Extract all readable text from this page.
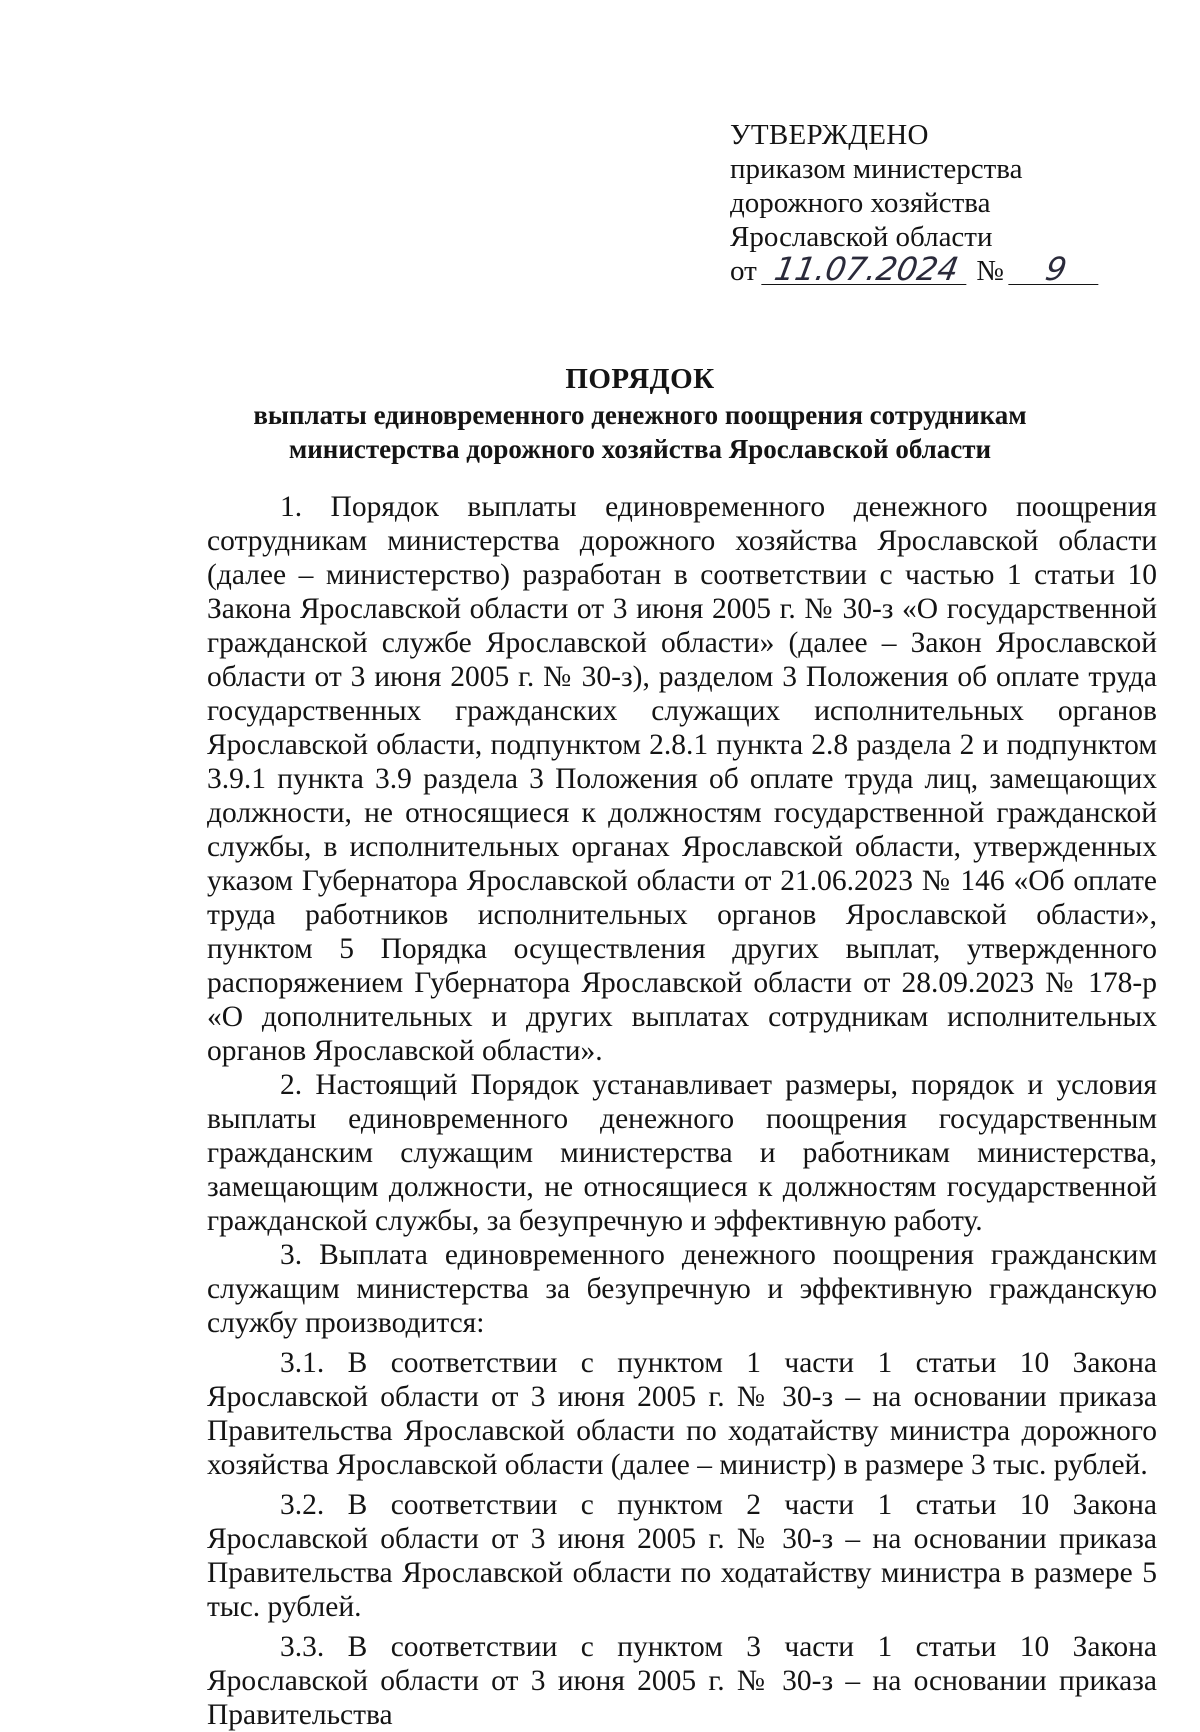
УТВЕРЖДЕНО
приказом министерства
дорожного хозяйства
Ярославской области
от 11.07.2024 № 9
ПОРЯДОК
выплаты единовременного денежного поощрения сотрудникам
министерства дорожного хозяйства Ярославской области

1. Порядок выплаты единовременного денежного поощрения сотрудникам министерства дорожного хозяйства Ярославской области (далее – министерство) разработан в соответствии с частью 1 статьи 10 Закона Ярославской области от 3 июня 2005 г. № 30-з «О государственной гражданской службе Ярославской области» (далее – Закон Ярославской области от 3 июня 2005 г. № 30-з), разделом 3 Положения об оплате труда государственных гражданских служащих исполнительных органов Ярославской области, подпунктом 2.8.1 пункта 2.8 раздела 2 и подпунктом 3.9.1 пункта 3.9 раздела 3 Положения об оплате труда лиц, замещающих должности, не относящиеся к должностям государственной гражданской службы, в исполнительных органах Ярославской области, утвержденных указом Губернатора Ярославской области от 21.06.2023 № 146 «Об оплате труда работников исполнительных органов Ярославской области», пунктом 5 Порядка осуществления других выплат, утвержденного распоряжением Губернатора Ярославской области от 28.09.2023 № 178-р «О дополнительных и других выплатах сотрудникам исполнительных органов Ярославской области».

2. Настоящий Порядок устанавливает размеры, порядок и условия выплаты единовременного денежного поощрения государственным гражданским служащим министерства и работникам министерства, замещающим должности, не относящиеся к должностям государственной гражданской службы, за безупречную и эффективную работу.

3. Выплата единовременного денежного поощрения гражданским служащим министерства за безупречную и эффективную гражданскую службу производится:

3.1. В соответствии с пунктом 1 части 1 статьи 10 Закона Ярославской области от 3 июня 2005 г. № 30-з – на основании приказа Правительства Ярославской области по ходатайству министра дорожного хозяйства Ярославской области (далее – министр) в размере 3 тыс. рублей.

3.2. В соответствии с пунктом 2 части 1 статьи 10 Закона Ярославской области от 3 июня 2005 г. № 30-з – на основании приказа Правительства Ярославской области по ходатайству министра в размере 5 тыс. рублей.

3.3. В соответствии с пунктом 3 части 1 статьи 10 Закона Ярославской области от 3 июня 2005 г. № 30-з – на основании приказа Правительства
